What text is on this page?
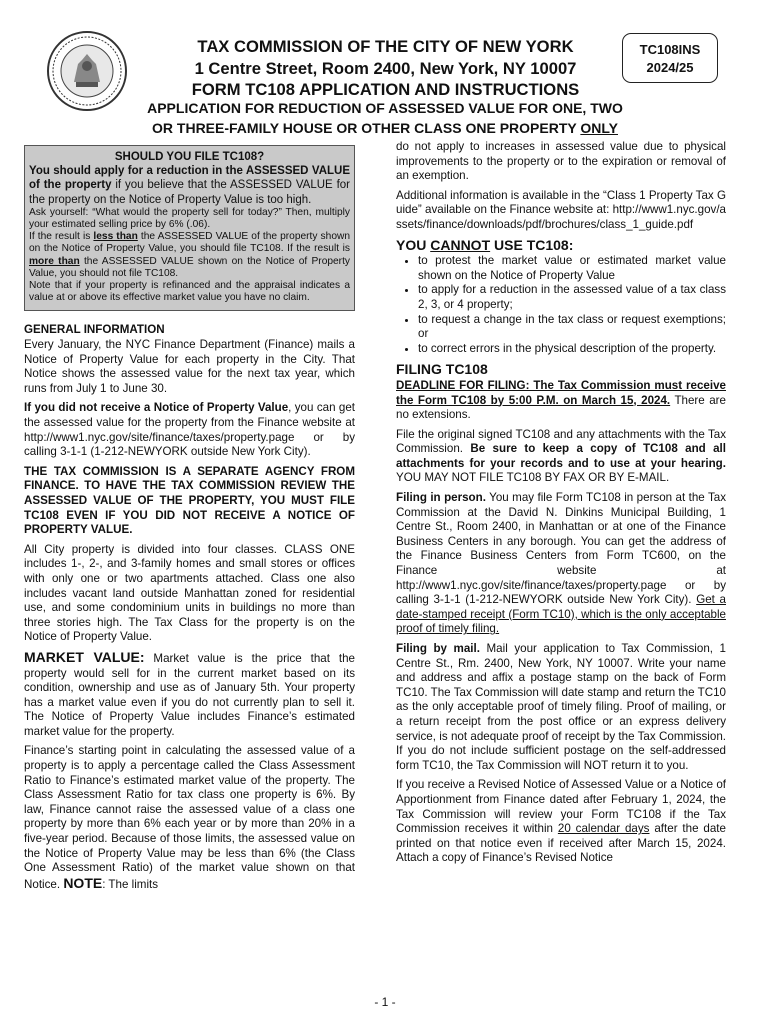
TAX COMMISSION OF THE CITY OF NEW YORK
1 Centre Street, Room 2400, New York, NY 10007
FORM TC108 APPLICATION AND INSTRUCTIONS
APPLICATION FOR REDUCTION OF ASSESSED VALUE FOR ONE, TWO
OR THREE-FAMILY HOUSE OR OTHER CLASS ONE PROPERTY ONLY
TC108INS
2024/25
SHOULD YOU FILE TC108?
You should apply for a reduction in the ASSESSED VALUE of the property if you believe that the ASSESSED VALUE for the property on the Notice of Property Value is too high.
Ask yourself: “What would the property sell for today?” Then, multiply your estimated selling price by 6% (.06).
If the result is less than the ASSESSED VALUE of the property shown on the Notice of Property Value, you should file TC108. If the result is more than the ASSESSED VALUE shown on the Notice of Property Value, you should not file TC108.
Note that if your property is refinanced and the appraisal indicates a value at or above its effective market value you have no claim.
GENERAL INFORMATION

Every January, the NYC Finance Department (Finance) mails a Notice of Property Value for each property in the City. That Notice shows the assessed value for the next tax year, which runs from July 1 to June 30.

If you did not receive a Notice of Property Value, you can get the assessed value for the property from the Finance website at http://www1.nyc.gov/site/finance/taxes/property.page or by calling 3-1-1 (1-212-NEWYORK outside New York City).

THE TAX COMMISSION IS A SEPARATE AGENCY FROM FINANCE. TO HAVE THE TAX COMMISSION REVIEW THE ASSESSED VALUE OF THE PROPERTY, YOU MUST FILE TC108 EVEN IF YOU DID NOT RECEIVE A NOTICE OF PROPERTY VALUE.

All City property is divided into four classes. CLASS ONE includes 1-, 2-, and 3-family homes and small stores or offices with only one or two apartments attached. Class one also includes vacant land outside Manhattan zoned for residential use, and some condominium units in buildings no more than three stories high. The Tax Class for the property is on the Notice of Property Value.

MARKET VALUE: Market value is the price that the property would sell for in the current market based on its condition, ownership and use as of January 5th. Your property has a market value even if you do not currently plan to sell it. The Notice of Property Value includes Finance’s estimated market value for the property.

Finance’s starting point in calculating the assessed value of a property is to apply a percentage called the Class Assessment Ratio to Finance’s estimated market value of the property. The Class Assessment Ratio for tax class one property is 6%. By law, Finance cannot raise the assessed value of a class one property by more than 6% each year or by more than 20% in a five-year period. Because of those limits, the assessed value on the Notice of Property Value may be less than 6% (the Class One Assessment Ratio) of the market value shown on that Notice. NOTE: The limits

do not apply to increases in assessed value due to physical improvements to the property or to the expiration or removal of an exemption.

Additional information is available in the “Class 1 Property Tax Guide” available on the Finance website at: http://www1.nyc.gov/assets/finance/downloads/pdf/brochures/class_1_guide.pdf

YOU CANNOT USE TC108:
• to protest the market value or estimated market value shown on the Notice of Property Value
• to apply for a reduction in the assessed value of a tax class 2, 3, or 4 property;
• to request a change in the tax class or request exemptions; or
• to correct errors in the physical description of the property.
FILING TC108

DEADLINE FOR FILING: The Tax Commission must receive the Form TC108 by 5:00 P.M. on March 15, 2024. There are no extensions.

File the original signed TC108 and any attachments with the Tax Commission. Be sure to keep a copy of TC108 and all attachments for your records and to use at your hearing. YOU MAY NOT FILE TC108 BY FAX OR BY E-MAIL.

Filing in person. You may file Form TC108 in person at the Tax Commission at the David N. Dinkins Municipal Building, 1 Centre St., Room 2400, in Manhattan or at one of the Finance Business Centers in any borough. You can get the address of the Finance Business Centers from Form TC600, on the Finance website at http://www1.nyc.gov/site/finance/taxes/property.page or by calling 3-1-1 (1-212-NEWYORK outside New York City). Get a date-stamped receipt (Form TC10), which is the only acceptable proof of timely filing.

Filing by mail. Mail your application to Tax Commission, 1 Centre St., Rm. 2400, New York, NY 10007. Write your name and address and affix a postage stamp on the back of Form TC10. The Tax Commission will date stamp and return the TC10 as the only acceptable proof of timely filing. Proof of mailing, or a return receipt from the post office or an express delivery service, is not adequate proof of receipt by the Tax Commission. If you do not include sufficient postage on the self-addressed form TC10, the Tax Commission will NOT return it to you.

If you receive a Revised Notice of Assessed Value or a Notice of Apportionment from Finance dated after February 1, 2024, the Tax Commission will review your Form TC108 if the Tax Commission receives it within 20 calendar days after the date printed on that notice even if received after March 15, 2024. Attach a copy of Finance’s Revised Notice

- 1 -
